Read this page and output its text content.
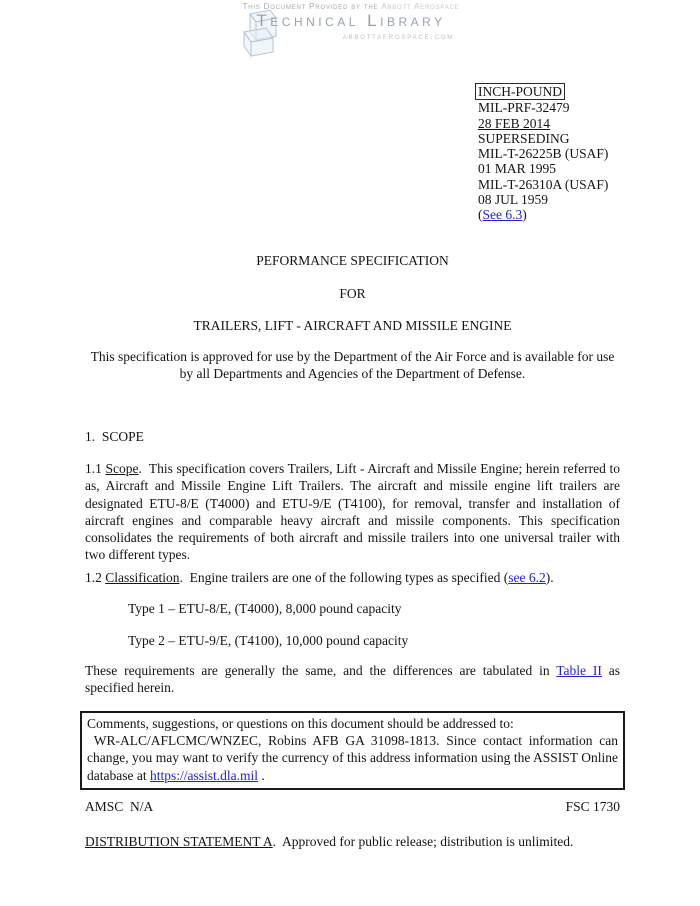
This Document Provided by the Abbott Aerospace
Technical Library
abbottaerospace.com
INCH-POUND
MIL-PRF-32479
28 FEB 2014
SUPERSEDING
MIL-T-26225B (USAF)
01 MAR 1995
MIL-T-26310A (USAF)
08 JUL 1959
(See 6.3)
PEFORMANCE SPECIFICATION
FOR
TRAILERS, LIFT - AIRCRAFT AND MISSILE ENGINE
This specification is approved for use by the Department of the Air Force and is available for use by all Departments and Agencies of the Department of Defense.
1.  SCOPE
1.1 Scope.  This specification covers Trailers, Lift - Aircraft and Missile Engine; herein referred to as, Aircraft and Missile Engine Lift Trailers. The aircraft and missile engine lift trailers are designated ETU-8/E (T4000) and ETU-9/E (T4100), for removal, transfer and installation of aircraft engines and comparable heavy aircraft and missile components. This specification consolidates the requirements of both aircraft and missile trailers into one universal trailer with two different types.
1.2 Classification.  Engine trailers are one of the following types as specified (see 6.2).
Type 1 – ETU-8/E, (T4000), 8,000 pound capacity
Type 2 – ETU-9/E, (T4100), 10,000 pound capacity
These requirements are generally the same, and the differences are tabulated in Table II as specified herein.
Comments, suggestions, or questions on this document should be addressed to:
WR-ALC/AFLCMC/WNZEC, Robins AFB GA 31098-1813. Since contact information can change, you may want to verify the currency of this address information using the ASSIST Online database at https://assist.dla.mil .
FSC 1730
AMSC  N/A
DISTRIBUTION STATEMENT A.  Approved for public release; distribution is unlimited.
